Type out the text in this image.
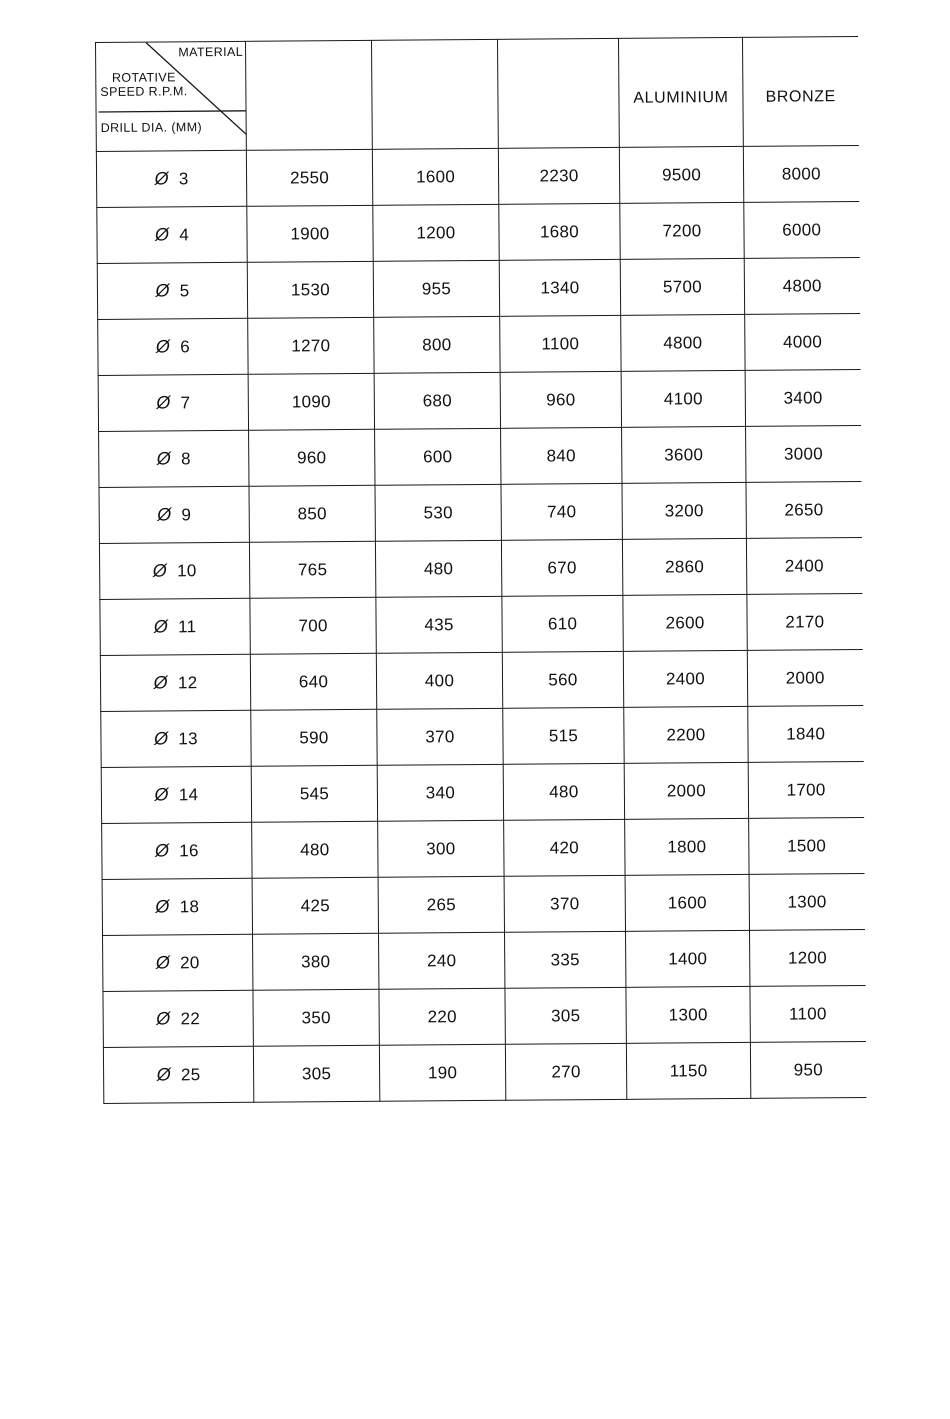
MATERIAL
ROTATIVE
SPEED R.P.M.
DRILL DIA. (MM)				ALUMINIUM	BRONZE
Ø 3	2550	1600	2230	9500	8000
Ø 4	1900	1200	1680	7200	6000
Ø 5	1530	955	1340	5700	4800
Ø 6	1270	800	1100	4800	4000
Ø 7	1090	680	960	4100	3400
Ø 8	960	600	840	3600	3000
Ø 9	850	530	740	3200	2650
Ø 10	765	480	670	2860	2400
Ø 11	700	435	610	2600	2170
Ø 12	640	400	560	2400	2000
Ø 13	590	370	515	2200	1840
Ø 14	545	340	480	2000	1700
Ø 16	480	300	420	1800	1500
Ø 18	425	265	370	1600	1300
Ø 20	380	240	335	1400	1200
Ø 22	350	220	305	1300	1100
Ø 25	305	190	270	1150	950
